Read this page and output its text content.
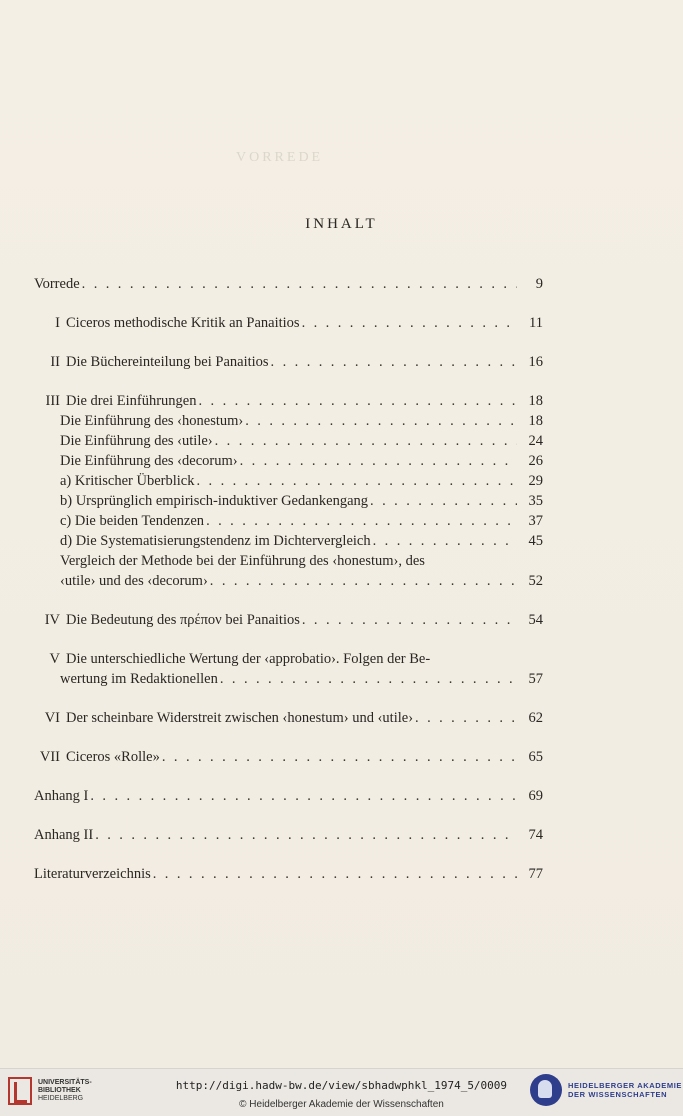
VORREDE
INHALT
Vorrede . . .	9
I Ciceros methodische Kritik an Panaitios . . .	11
II Die Büchereinteilung bei Panaitios . . .	16
III Die drei Einführungen . . .	18
Die Einführung des ‹honestum› . . .	18
Die Einführung des ‹utile› . . .	24
Die Einführung des ‹decorum› . . .	26
a) Kritischer Überblick . . .	29
b) Ursprünglich empirisch-induktiver Gedankengang . . .	35
c) Die beiden Tendenzen . . .	37
d) Die Systematisierungstendenz im Dichtervergleich . . .	45
Vergleich der Methode bei der Einführung des ‹honestum›, des
‹utile› und des ‹decorum› . . .	52
IV Die Bedeutung des πρέπον bei Panaitios . . .	54
V Die unterschiedliche Wertung der ‹approbatio›. Folgen der Be-
wertung im Redaktionellen . . .	57
VI Der scheinbare Widerstreit zwischen ‹honestum› und ‹utile› . . .	62
VII Ciceros «Rolle» . . .	65
Anhang I . . .	69
Anhang II . . .	74
Literaturverzeichnis . . .	77
UNIVERSITÄTS-
BIBLIOTHEK
HEIDELBERG
http://digi.hadw-bw.de/view/sbhadwphkl_1974_5/0009
© Heidelberger Akademie der Wissenschaften
HEIDELBERGER AKADEMIE
DER WISSENSCHAFTEN
